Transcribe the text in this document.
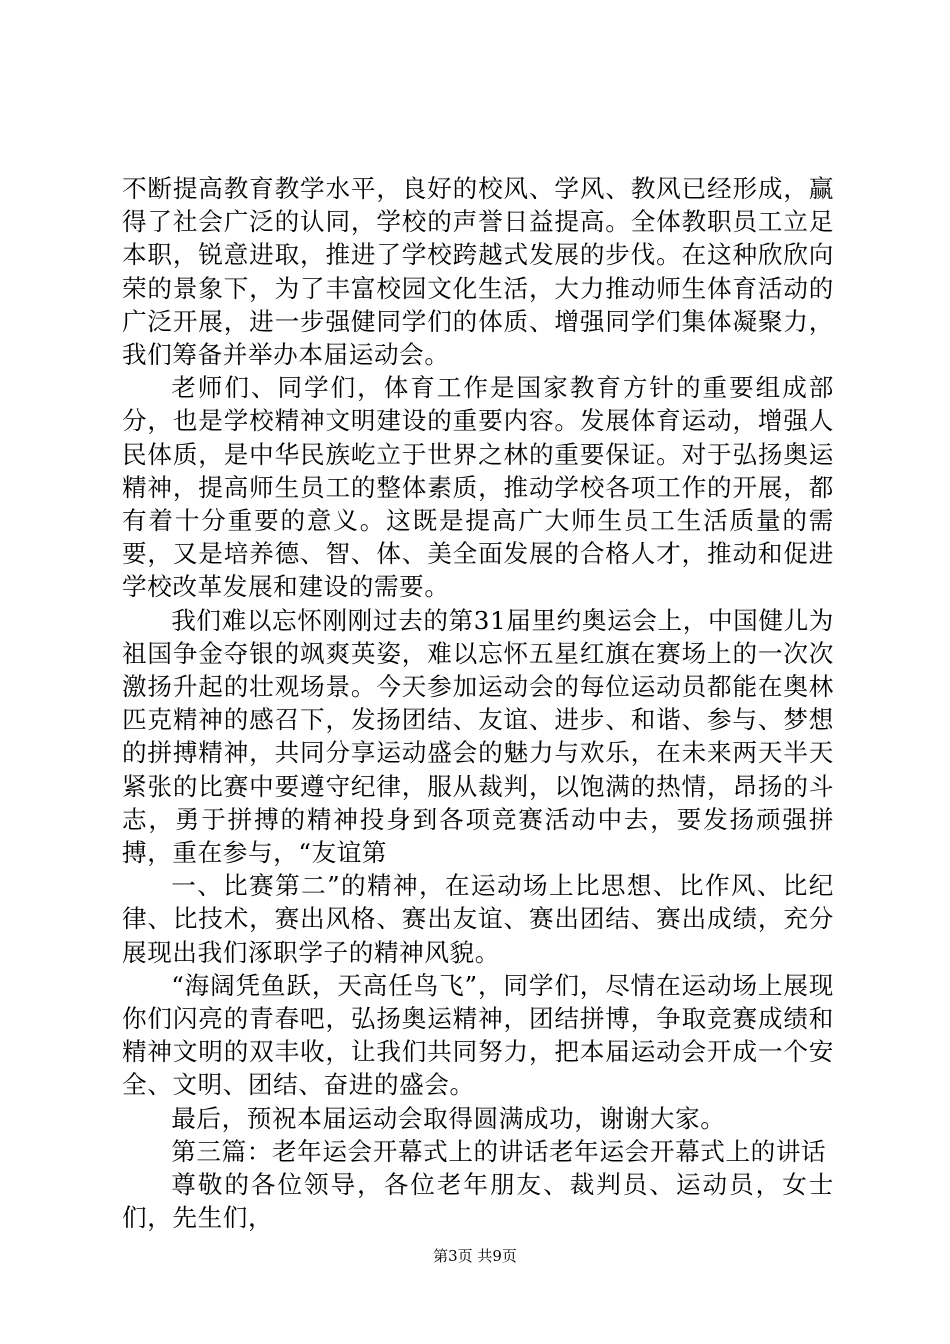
不断提高教育教学水平，良好的校风、学风、教风已经形成，赢得了社会广泛的认同，学校的声誉日益提高。全体教职员工立足本职，锐意进取，推进了学校跨越式发展的步伐。在这种欣欣向荣的景象下，为了丰富校园文化生活，大力推动师生体育活动的广泛开展，进一步强健同学们的体质、增强同学们集体凝聚力，我们筹备并举办本届运动会。

老师们、同学们，体育工作是国家教育方针的重要组成部分，也是学校精神文明建设的重要内容。发展体育运动，增强人民体质，是中华民族屹立于世界之林的重要保证。对于弘扬奥运精神，提高师生员工的整体素质，推动学校各项工作的开展，都有着十分重要的意义。这既是提高广大师生员工生活质量的需要，又是培养德、智、体、美全面发展的合格人才，推动和促进学校改革发展和建设的需要。

我们难以忘怀刚刚过去的第31届里约奥运会上，中国健儿为祖国争金夺银的飒爽英姿，难以忘怀五星红旗在赛场上的一次次激扬升起的壮观场景。今天参加运动会的每位运动员都能在奥林匹克精神的感召下，发扬团结、友谊、进步、和谐、参与、梦想的拼搏精神，共同分享运动盛会的魅力与欢乐，在未来两天半天紧张的比赛中要遵守纪律，服从裁判，以饱满的热情，昂扬的斗志，勇于拼搏的精神投身到各项竞赛活动中去，要发扬顽强拼搏，重在参与，“友谊第

一、比赛第二”的精神，在运动场上比思想、比作风、比纪律、比技术，赛出风格、赛出友谊、赛出团结、赛出成绩，充分展现出我们涿职学子的精神风貌。

“海阔凭鱼跃，天高任鸟飞”，同学们，尽情在运动场上展现你们闪亮的青春吧，弘扬奥运精神，团结拼博，争取竞赛成绩和精神文明的双丰收，让我们共同努力，把本届运动会开成一个安全、文明、团结、奋进的盛会。

最后，预祝本届运动会取得圆满成功，谢谢大家。

第三篇：老年运会开幕式上的讲话老年运会开幕式上的讲话

尊敬的各位领导，各位老年朋友、裁判员、运动员，女士们，先生们，

第3页 共9页
